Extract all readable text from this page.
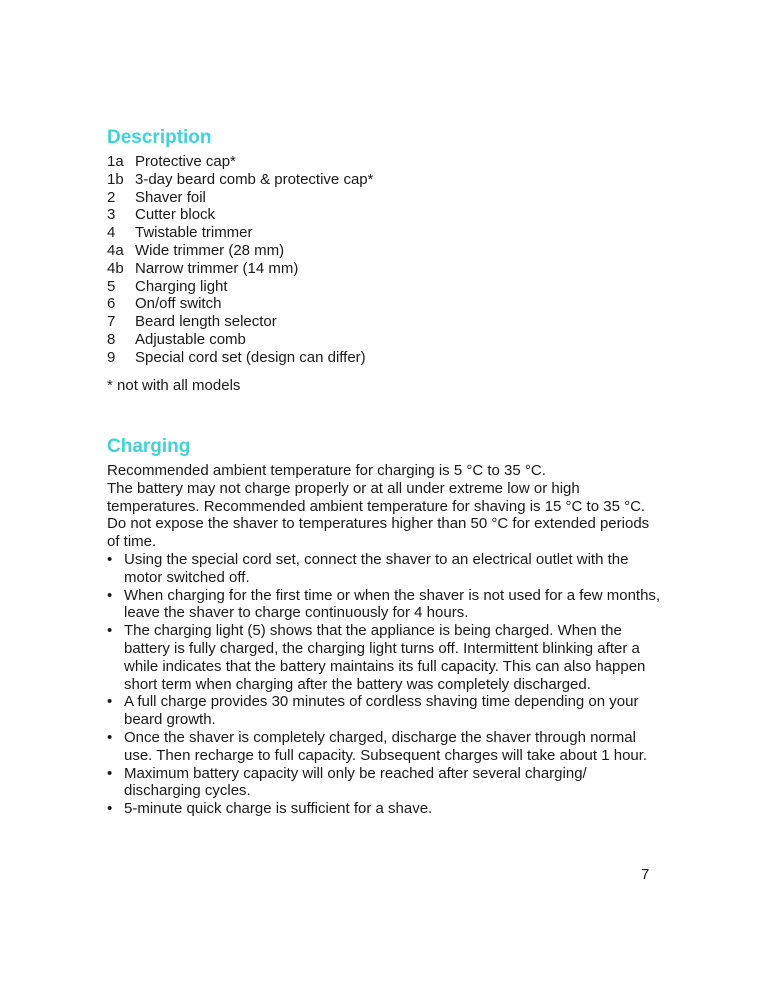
Description
1a Protective cap*
1b 3-day beard comb & protective cap*
2	Shaver foil
3	Cutter block
4	Twistable trimmer
4a Wide trimmer (28 mm)
4b Narrow trimmer (14 mm)
5	Charging light
6	On/off switch
7	Beard length selector
8	Adjustable comb
9	Special cord set (design can differ)
* not with all models
Charging

Recommended ambient temperature for charging is 5 °C to 35 °C.

The battery may not charge properly or at all under extreme low or high temperatures. Recommended ambient temperature for shaving is 15 °C to 35 °C. Do not expose the shaver to temperatures higher than 50 °C for extended periods of time.

• Using the special cord set, connect the shaver to an electrical outlet with the motor switched off.
• When charging for the first time or when the shaver is not used for a few months, leave the shaver to charge continuously for 4 hours.
• The charging light (5) shows that the appliance is being charged. When the battery is fully charged, the charging light turns off. Intermittent blinking after a while indicates that the battery maintains its full capacity. This can also happen short term when charging after the battery was completely discharged.
• A full charge provides 30 minutes of cordless shaving time depending on your beard growth.
• Once the shaver is completely charged, discharge the shaver through normal use. Then recharge to full capacity. Subsequent charges will take about 1 hour.
• Maximum battery capacity will only be reached after several charging/ discharging cycles.
• 5-minute quick charge is sufficient for a shave.
7
